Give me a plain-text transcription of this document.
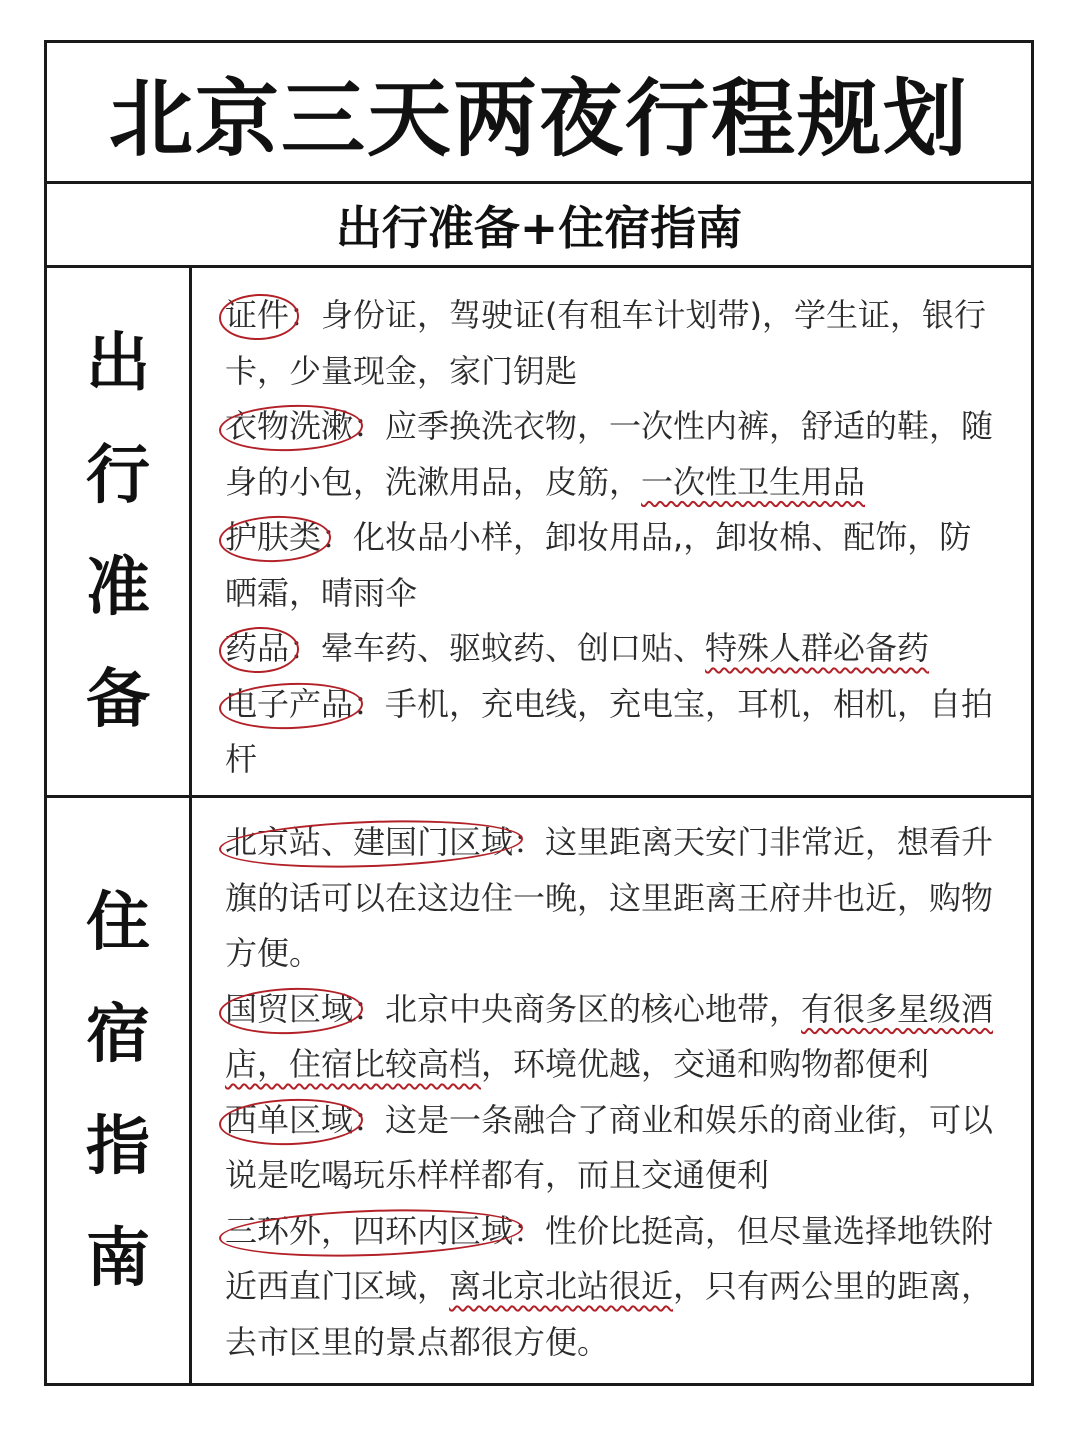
北京三天两夜行程规划
出行准备+住宿指南
出
行
准
备

证件：身份证，驾驶证(有租车计划带)，学生证，银行卡，少量现金，家门钥匙

衣物洗漱：应季换洗衣物，一次性内裤，舒适的鞋，随身的小包，洗漱用品，皮筋，一次性卫生用品

护肤类：化妆品小样，卸妆用品,，卸妆棉、配饰，防晒霜，晴雨伞

药品：晕车药、驱蚊药、创口贴、特殊人群必备药

电子产品：手机，充电线，充电宝，耳机，相机，自拍杆

住
宿
指
南

北京站、建国门区域：这里距离天安门非常近，想看升旗的话可以在这边住一晚，这里距离王府井也近，购物方便。

国贸区域：北京中央商务区的核心地带，有很多星级酒店，住宿比较高档，环境优越，交通和购物都便利

西单区域：这是一条融合了商业和娱乐的商业街，可以说是吃喝玩乐样样都有，而且交通便利

三环外，四环内区域：性价比挺高，但尽量选择地铁附近西直门区域，离北京北站很近，只有两公里的距离，去市区里的景点都很方便。
